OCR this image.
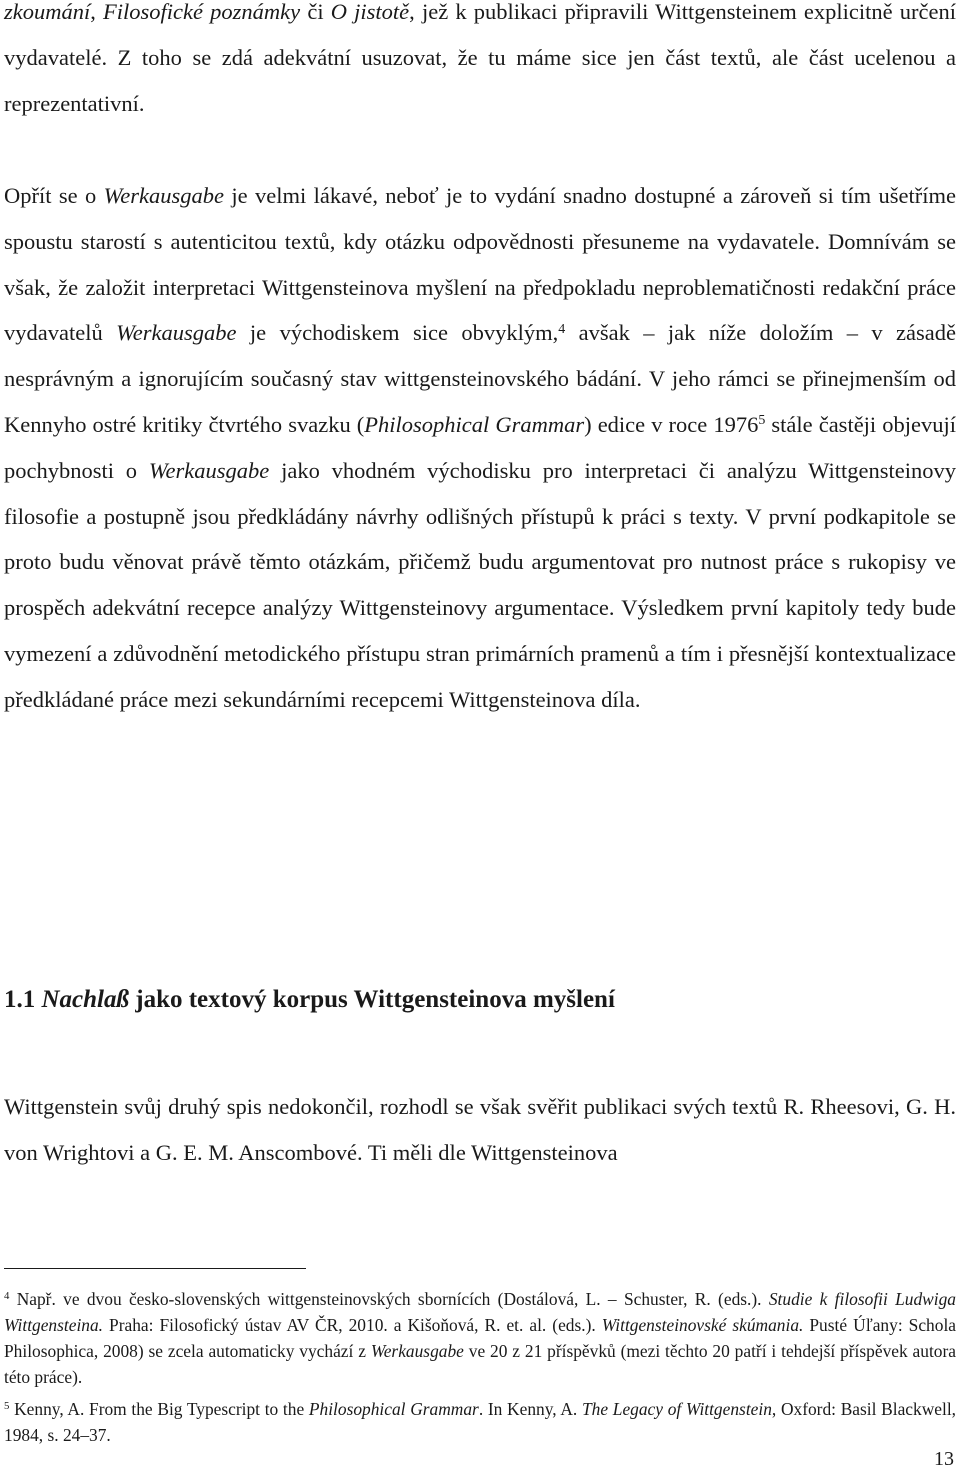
zkoumání, Filosofické poznámky či O jistotě, jež k publikaci připravili Wittgensteinem explicitně určení vydavatelé. Z toho se zdá adekvátní usuzovat, že tu máme sice jen část textů, ale část ucelenou a reprezentativní.

Opřít se o Werkausgabe je velmi lákavé, neboť je to vydání snadno dostupné a zároveň si tím ušetříme spoustu starostí s autenticitou textů, kdy otázku odpovědnosti přesuneme na vydavatele. Domnívám se však, že založit interpretaci Wittgensteinova myšlení na předpokladu neproblematičnosti redakční práce vydavatelů Werkausgabe je východiskem sice obvyklým,$^4$ avšak – jak níže doložím – v zásadě nesprávným a ignorujícím současný stav wittgensteinovského bádání. V jeho rámci se přinejmenším od Kennyho ostré kritiky čtvrtého svazku (Philosophical Grammar) edice v roce 1976$^5$ stále častěji objevují pochybnosti o Werkausgabe jako vhodném východisku pro interpretaci či analýzu Wittgensteinovy filosofie a postupně jsou předkládány návrhy odlišných přístupů k práci s texty. V první podkapitole se proto budu věnovat právě těmto otázkám, přičemž budu argumentovat pro nutnost práce s rukopisy ve prospěch adekvátní recepce analýzy Wittgensteinovy argumentace. Výsledkem první kapitoly tedy bude vymezení a zdůvodnění metodického přístupu stran primárních pramenů a tím i přesnější kontextualizace předkládané práce mezi sekundárními recepcemi Wittgensteinova díla.

1.1 Nachlaß jako textový korpus Wittgensteinova myšlení

Wittgenstein svůj druhý spis nedokončil, rozhodl se však svěřit publikaci svých textů R. Rheesovi, G. H. von Wrightovi a G. E. M. Anscombové. Ti měli dle Wittgensteinova

$^4$ Např. ve dvou česko-slovenských wittgensteinovských sbornících (Dostálová, L. – Schuster, R. (eds.). Studie k filosofii Ludwiga Wittgensteina. Praha: Filosofický ústav AV ČR, 2010. a Kišoňová, R. et. al. (eds.). Wittgensteinovské skúmania. Pusté Úľany: Schola Philosophica, 2008) se zcela automaticky vychází z Werkausgabe ve 20 z 21 příspěvků (mezi těchto 20 patří i tehdejší příspěvek autora této práce).

$^5$ Kenny, A. From the Big Typescript to the Philosophical Grammar. In Kenny, A. The Legacy of Wittgenstein, Oxford: Basil Blackwell, 1984, s. 24–37.

13
